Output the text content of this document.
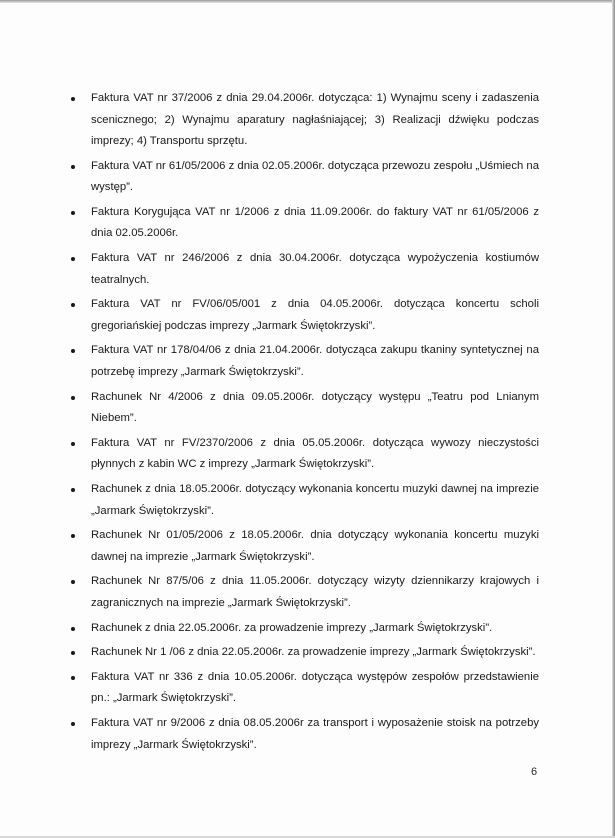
Faktura VAT nr 37/2006 z dnia 29.04.2006r. dotycząca: 1) Wynajmu sceny i zadaszenia scenicznego; 2) Wynajmu aparatury nagłaśniającej; 3) Realizacji dźwięku podczas imprezy; 4) Transportu sprzętu.
Faktura VAT nr 61/05/2006 z dnia 02.05.2006r. dotycząca przewozu zespołu „Uśmiech na występ”.
Faktura Korygująca VAT nr 1/2006 z dnia 11.09.2006r. do faktury VAT nr 61/05/2006 z dnia 02.05.2006r.
Faktura VAT nr 246/2006 z dnia 30.04.2006r. dotycząca wypożyczenia kostiumów teatralnych.
Faktura VAT nr FV/06/05/001 z dnia 04.05.2006r. dotycząca koncertu scholi gregoriańskiej podczas imprezy „Jarmark Świętokrzyski”.
Faktura VAT nr 178/04/06 z dnia 21.04.2006r. dotycząca zakupu tkaniny syntetycznej na potrzebę imprezy „Jarmark Świętokrzyski”.
Rachunek Nr 4/2006 z dnia 09.05.2006r. dotyczący występu „Teatru pod Lnianym Niebem”.
Faktura VAT nr FV/2370/2006 z dnia 05.05.2006r. dotycząca wywozy nieczystości płynnych z kabin WC z imprezy „Jarmark Świętokrzyski”.
Rachunek z dnia 18.05.2006r. dotyczący wykonania koncertu muzyki dawnej na imprezie „Jarmark Świętokrzyski”.
Rachunek Nr 01/05/2006 z 18.05.2006r. dnia dotyczący wykonania koncertu muzyki dawnej na imprezie „Jarmark Świętokrzyski”.
Rachunek Nr 87/5/06 z dnia 11.05.2006r. dotyczący wizyty dziennikarzy krajowych i zagranicznych na imprezie „Jarmark Świętokrzyski”.
Rachunek z dnia 22.05.2006r. za prowadzenie imprezy „Jarmark Świętokrzyski”.
Rachunek Nr 1 /06 z dnia 22.05.2006r. za prowadzenie imprezy „Jarmark Świętokrzyski”.
Faktura VAT nr 336 z dnia 10.05.2006r. dotycząca występów zespołów przedstawienie pn.: „Jarmark Świętokrzyski”.
Faktura VAT nr 9/2006 z dnia 08.05.2006r za transport i wyposażenie stoisk na potrzeby imprezy „Jarmark Świętokrzyski”.
6
